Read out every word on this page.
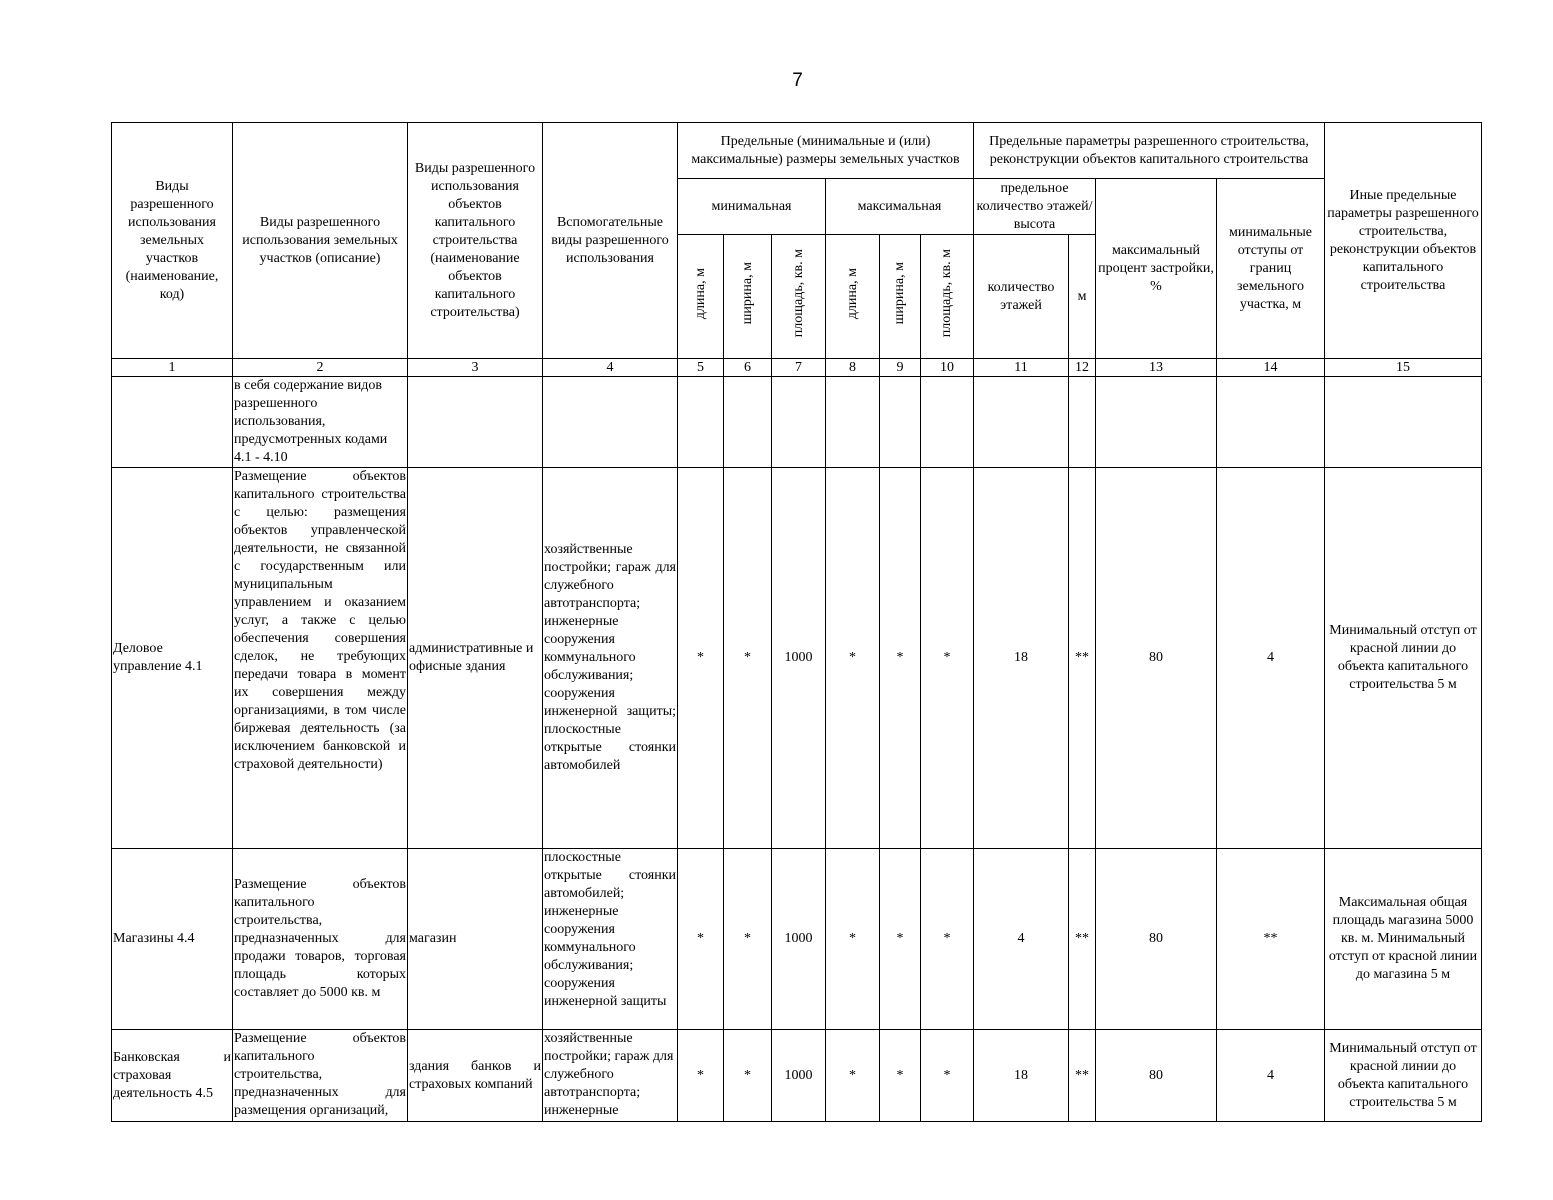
7
Виды разрешенного использования земельных участков (наименование, код)	Виды разрешенного использования земельных участков (описание)	Виды разрешенного использования объектов капитального строительства (наименование объектов капитального строительства)	Вспомогательные виды разрешенного использования	Предельные (минимальные и (или) максимальные) размеры земельных участков						Предельные параметры разрешенного строительства, реконструкции объектов капитального строительства				Иные предельные параметры разрешенного строительства, реконструкции объектов капитального строительства
				минимальная			максимальная			предельное количество этажей/высота		максимальный процент застройки, %	минимальные отступы от границ земельного участка, м	

				длина, м	ширина, м	площадь, кв. м	длина, м	ширина, м	площадь, кв. м	количество этажей	м			
1	2	3	4	5	6	7	8	9	10	11	12	13	14	15
	в себя содержание видов разрешенного использования, предусмотренных кодами 4.1 - 4.10													
Деловое управление 4.1	Размещение объектов капитального строительства с целью: размещения объектов управленческой деятельности, не связанной с государственным или муниципальным управлением и оказанием услуг, а также с целью обеспечения совершения сделок, не требующих передачи товара в момент их совершения между организациями, в том числе биржевая деятельность (за исключением банковской и страховой деятельности)	административные и офисные здания	хозяйственные постройки; гараж для служебного автотранспорта; инженерные сооружения коммунального обслуживания; сооружения инженерной защиты; плоскостные открытые стоянки автомобилей	*	*	1000	*	*	*	18	**	80	4	Минимальный отступ от красной линии до объекта капитального строительства 5 м
Магазины 4.4	Размещение объектов капитального строительства, предназначенных для продажи товаров, торговая площадь которых составляет до 5000 кв. м	магазин	плоскостные открытые стоянки автомобилей; инженерные сооружения коммунального обслуживания; сооружения инженерной защиты	*	*	1000	*	*	*	4	**	80	**	Максимальная общая площадь магазина 5000 кв. м. Минимальный отступ от красной линии до магазина 5 м
Банковская и страховая деятельность 4.5	Размещение объектов капитального строительства, предназначенных для размещения организаций,	здания банков и страховых компаний	хозяйственные постройки; гараж для служебного автотранспорта; инженерные	*	*	1000	*	*	*	18	**	80	4	Минимальный отступ от красной линии до объекта капитального строительства 5 м
